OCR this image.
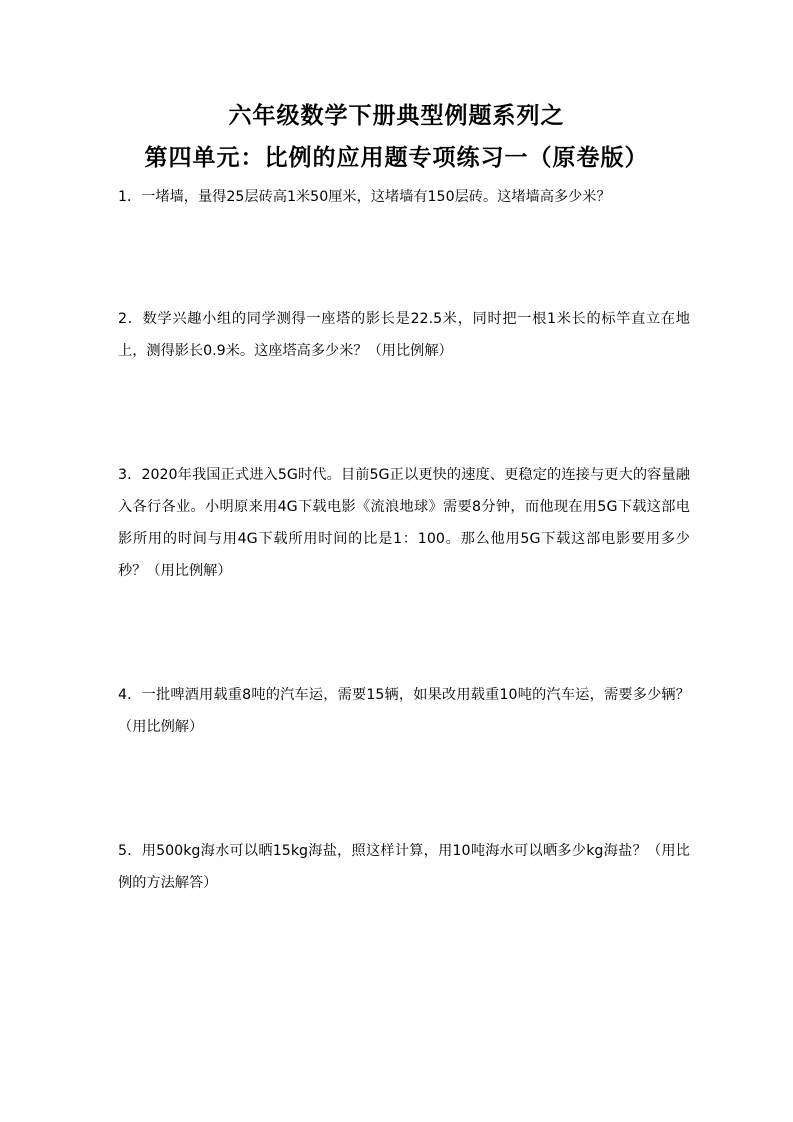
六年级数学下册典型例题系列之
第四单元：比例的应用题专项练习一（原卷版）

1．一堵墙，量得25层砖高1米50厘米，这堵墙有150层砖。这堵墙高多少米？

2．数学兴趣小组的同学测得一座塔的影长是22.5米，同时把一根1米长的标竿直立在地上，测得影长0.9米。这座塔高多少米？（用比例解）

3．2020年我国正式进入5G时代。目前5G正以更快的速度、更稳定的连接与更大的容量融入各行各业。小明原来用4G下载电影《流浪地球》需要8分钟，而他现在用5G下载这部电影所用的时间与用4G下载所用时间的比是1：100。那么他用5G下载这部电影要用多少秒？（用比例解）

4．一批啤酒用载重8吨的汽车运，需要15辆，如果改用载重10吨的汽车运，需要多少辆？（用比例解）

5．用500kg海水可以晒15kg海盐，照这样计算，用10吨海水可以晒多少kg海盐？（用比例的方法解答）
